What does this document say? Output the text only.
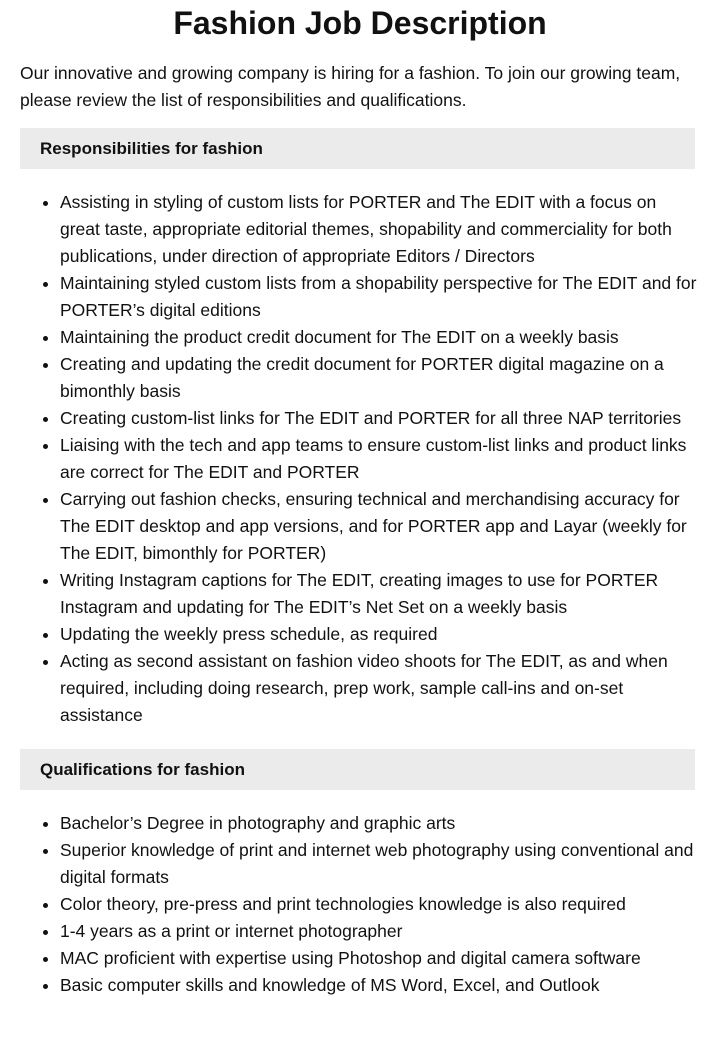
Fashion Job Description

Our innovative and growing company is hiring for a fashion. To join our growing team, please review the list of responsibilities and qualifications.

Responsibilities for fashion
• Assisting in styling of custom lists for PORTER and The EDIT with a focus on great taste, appropriate editorial themes, shopability and commerciality for both publications, under direction of appropriate Editors / Directors
• Maintaining styled custom lists from a shopability perspective for The EDIT and for PORTER’s digital editions
• Maintaining the product credit document for The EDIT on a weekly basis
• Creating and updating the credit document for PORTER digital magazine on a bimonthly basis
• Creating custom-list links for The EDIT and PORTER for all three NAP territories
• Liaising with the tech and app teams to ensure custom-list links and product links are correct for The EDIT and PORTER
• Carrying out fashion checks, ensuring technical and merchandising accuracy for The EDIT desktop and app versions, and for PORTER app and Layar (weekly for The EDIT, bimonthly for PORTER)
• Writing Instagram captions for The EDIT, creating images to use for PORTER Instagram and updating for The EDIT’s Net Set on a weekly basis
• Updating the weekly press schedule, as required
• Acting as second assistant on fashion video shoots for The EDIT, as and when required, including doing research, prep work, sample call-ins and on-set assistance
Qualifications for fashion
• Bachelor’s Degree in photography and graphic arts
• Superior knowledge of print and internet web photography using conventional and digital formats
• Color theory, pre-press and print technologies knowledge is also required
• 1-4 years as a print or internet photographer
• MAC proficient with expertise using Photoshop and digital camera software
• Basic computer skills and knowledge of MS Word, Excel, and Outlook
